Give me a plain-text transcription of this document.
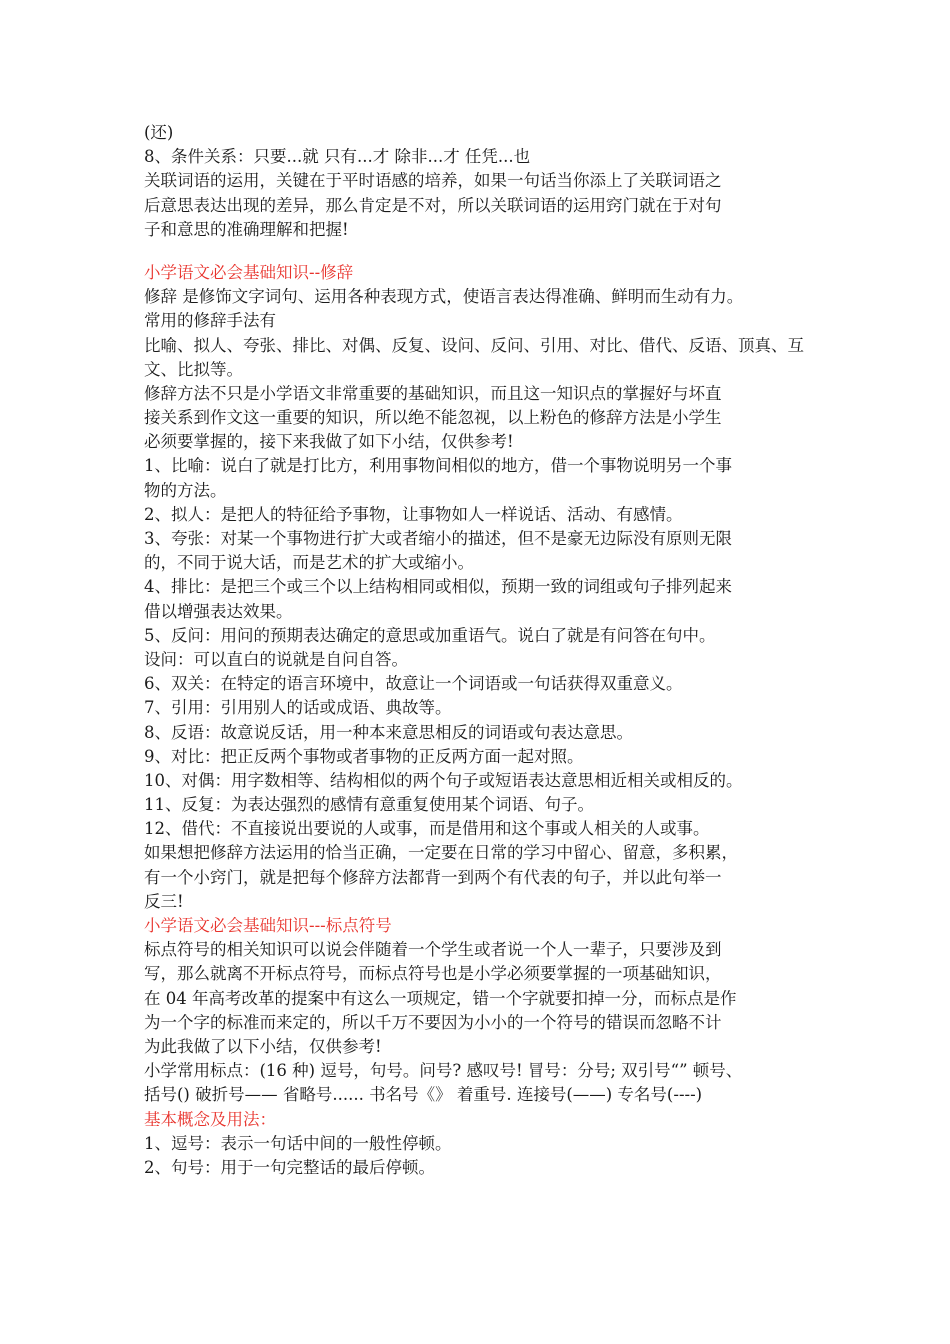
(还)
8、条件关系：只要...就 只有...才 除非...才 任凭...也
关联词语的运用，关键在于平时语感的培养，如果一句话当你添上了关联词语之
后意思表达出现的差异，那么肯定是不对，所以关联词语的运用窍门就在于对句
子和意思的准确理解和把握!
小学语文必会基础知识--修辞
修辞 是修饰文字词句、运用各种表现方式，使语言表达得准确、鲜明而生动有力。
常用的修辞手法有
比喻、拟人、夸张、排比、对偶、反复、设问、反问、引用、对比、借代、反语、顶真、互
文、比拟等。
修辞方法不只是小学语文非常重要的基础知识，而且这一知识点的掌握好与坏直
接关系到作文这一重要的知识，所以绝不能忽视，以上粉色的修辞方法是小学生
必须要掌握的，接下来我做了如下小结，仅供参考!
1、比喻：说白了就是打比方，利用事物间相似的地方，借一个事物说明另一个事
物的方法。
2、拟人：是把人的特征给予事物，让事物如人一样说话、活动、有感情。
3、夸张：对某一个事物进行扩大或者缩小的描述，但不是豪无边际没有原则无限
的，不同于说大话，而是艺术的扩大或缩小。
4、排比：是把三个或三个以上结构相同或相似，预期一致的词组或句子排列起来
借以增强表达效果。
5、反问：用问的预期表达确定的意思或加重语气。说白了就是有问答在句中。
设问：可以直白的说就是自问自答。
6、双关：在特定的语言环境中，故意让一个词语或一句话获得双重意义。
7、引用：引用别人的话或成语、典故等。
8、反语：故意说反话，用一种本来意思相反的词语或句表达意思。
9、对比：把正反两个事物或者事物的正反两方面一起对照。
10、对偶：用字数相等、结构相似的两个句子或短语表达意思相近相关或相反的。
11、反复：为表达强烈的感情有意重复使用某个词语、句子。
12、借代：不直接说出要说的人或事，而是借用和这个事或人相关的人或事。
如果想把修辞方法运用的恰当正确，一定要在日常的学习中留心、留意，多积累，
有一个小窍门，就是把每个修辞方法都背一到两个有代表的句子，并以此句举一
反三!
小学语文必会基础知识---标点符号
标点符号的相关知识可以说会伴随着一个学生或者说一个人一辈子，只要涉及到
写，那么就离不开标点符号，而标点符号也是小学必须要掌握的一项基础知识，
在 04 年高考改革的提案中有这么一项规定，错一个字就要扣掉一分，而标点是作
为一个字的标准而来定的，所以千万不要因为小小的一个符号的错误而忽略不计
为此我做了以下小结，仅供参考!
小学常用标点：(16 种) 逗号，句号。问号? 感叹号! 冒号：分号; 双引号“” 顿号、
括号() 破折号—— 省略号...... 书名号《》 着重号. 连接号(——) 专名号(----)
基本概念及用法：
1、逗号：表示一句话中间的一般性停顿。
2、句号：用于一句完整话的最后停顿。
